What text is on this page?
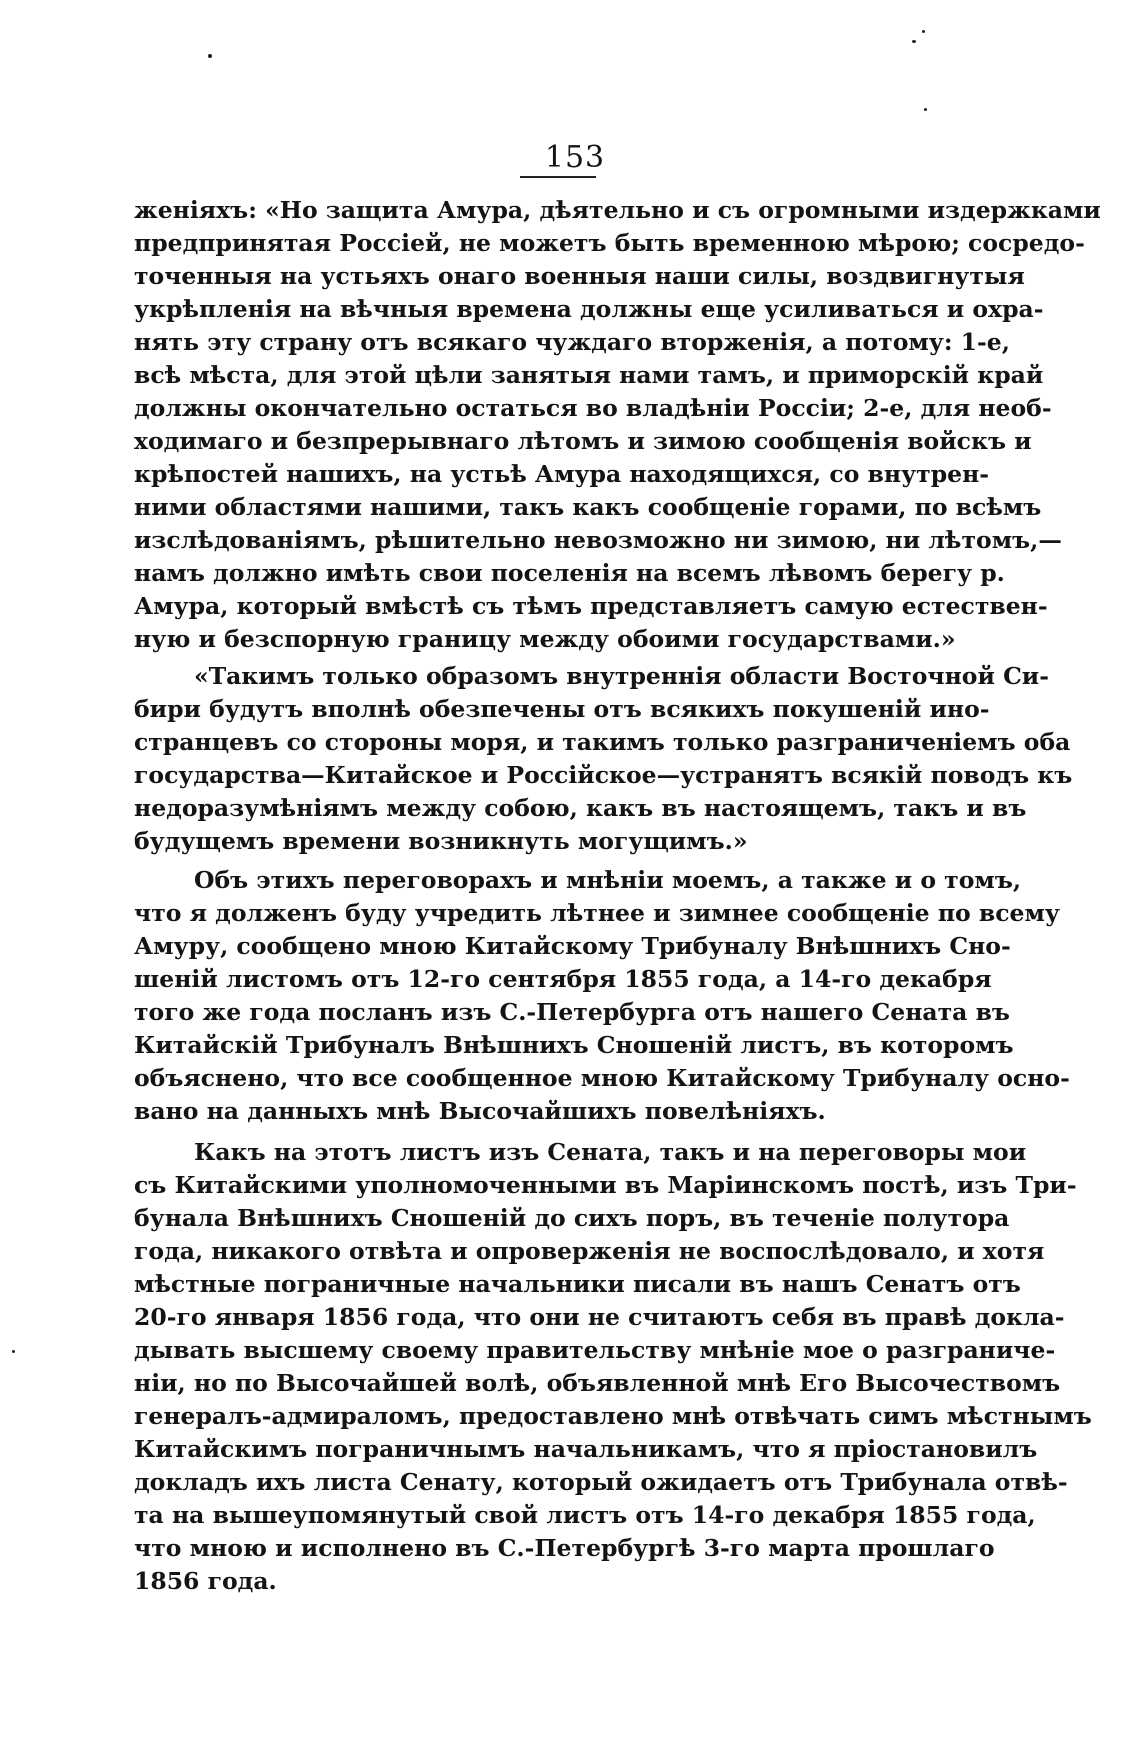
153
женiяхъ: «Но защита Амура, дѣятельно и съ огромными издержками
предпринятая Россiей, не можетъ быть временною мѣрою; сосредо-
точенныя на устьяхъ онаго военныя наши силы, воздвигнутыя
укрѣпленiя на вѣчныя времена должны еще усиливаться и охра-
нять эту страну отъ всякаго чуждаго вторженiя, а потому: 1-е,
всѣ мѣста, для этой цѣли занятыя нами тамъ, и приморскiй край
должны окончательно остаться во владѣнiи Россiи; 2-е, для необ-
ходимаго и безпрерывнаго лѣтомъ и зимою сообщенiя войскъ и
крѣпостей нашихъ, на устьѣ Амура находящихся, со внутрен-
ними областями нашими, такъ какъ сообщенiе горами, по всѣмъ
изслѣдованiямъ, рѣшительно невозможно ни зимою, ни лѣтомъ,—
намъ должно имѣть свои поселенiя на всемъ лѣвомъ берегу р.
Амура, который вмѣстѣ съ тѣмъ представляетъ самую естествен-
ную и безспорную границу между обоими государствами.»
«Такимъ только образомъ внутреннiя области Восточной Си-
бири будутъ вполнѣ обезпечены отъ всякихъ покушенiй ино-
странцевъ со стороны моря, и такимъ только разграниченiемъ оба
государства—Китайское и Россiйское—устранятъ всякiй поводъ къ
недоразумѣнiямъ между собою, какъ въ настоящемъ, такъ и въ
будущемъ времени возникнуть могущимъ.»
Объ этихъ переговорахъ и мнѣнiи моемъ, а также и о томъ,
что я долженъ буду учредить лѣтнее и зимнее сообщенiе по всему
Амуру, сообщено мною Китайскому Трибуналу Внѣшнихъ Сно-
шенiй листомъ отъ 12-го сентября 1855 года, а 14-го декабря
того же года посланъ изъ С.-Петербурга отъ нашего Сената въ
Китайскiй Трибуналъ Внѣшнихъ Сношенiй листъ, въ которомъ
объяснено, что все сообщенное мною Китайскому Трибуналу осно-
вано на данныхъ мнѣ Высочайшихъ повелѣнiяхъ.
Какъ на этотъ листъ изъ Сената, такъ и на переговоры мои
съ Китайскими уполномоченными въ Марiинскомъ постѣ, изъ Три-
бунала Внѣшнихъ Сношенiй до сихъ поръ, въ теченiе полутора
года, никакого отвѣта и опроверженiя не воспослѣдовало, и хотя
мѣстные пограничные начальники писали въ нашъ Сенатъ отъ
20-го января 1856 года, что они не считаютъ себя въ правѣ доклa-
дывать высшему своему правительству мнѣнiе мое о разграниче-
нiи, но по Высочайшей волѣ, объявленной мнѣ Его Высочествомъ
генералъ-адмираломъ, предоставлено мнѣ отвѣчать симъ мѣстнымъ
Китайскимъ пограничнымъ начальникамъ, что я прiостановилъ
докладъ ихъ листа Сенату, который ожидаетъ отъ Трибунала отвѣ-
та на вышеупомянутый свой листъ отъ 14-го декабря 1855 года,
что мною и исполнено въ С.-Петербургѣ 3-го марта прошлаго
1856 года.
